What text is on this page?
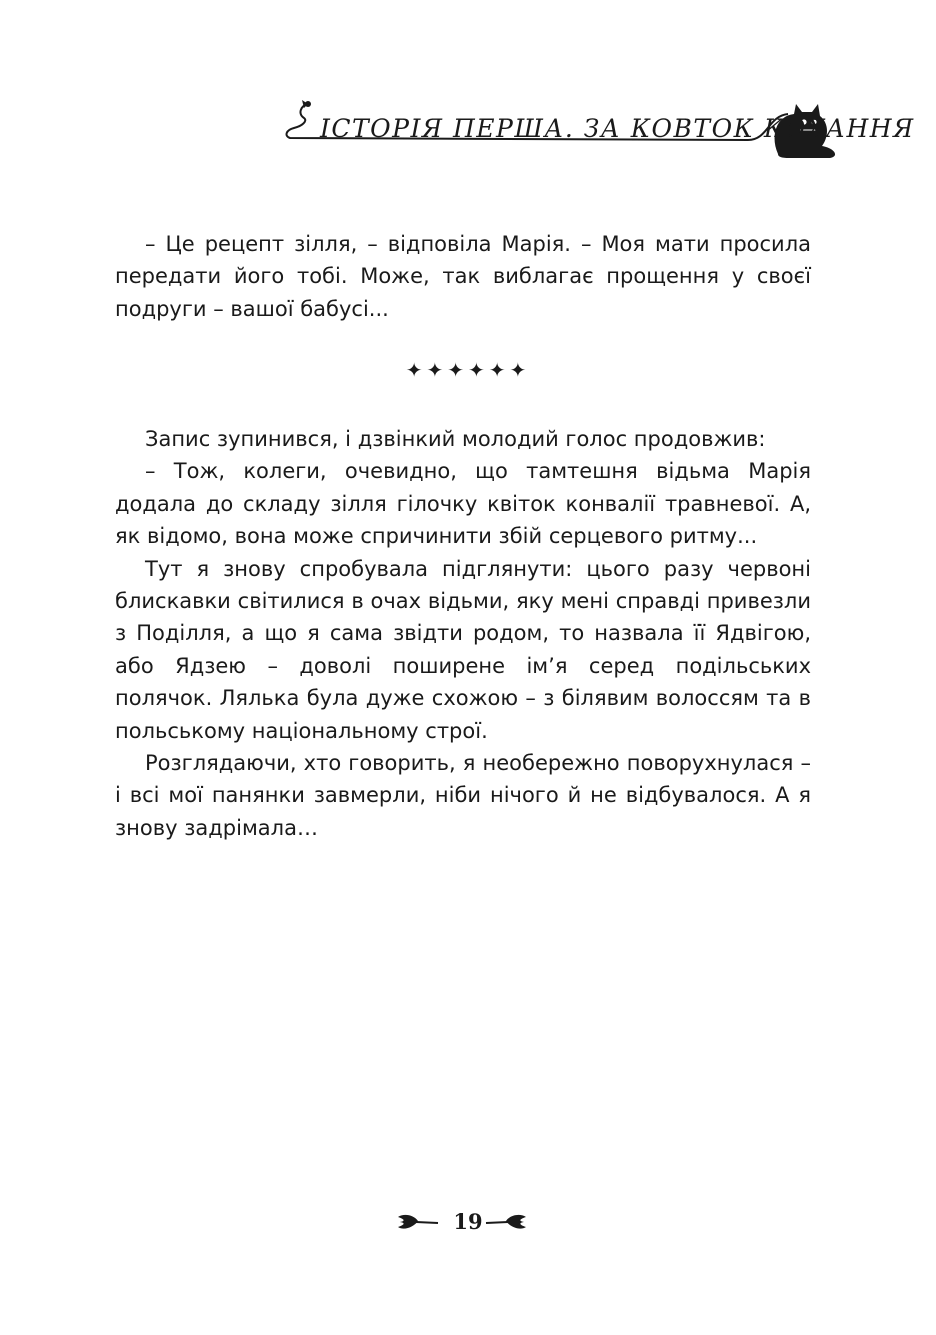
ІСТОРІЯ ПЕРША. ЗА КОВТОК КОХАННЯ

– Це рецепт зілля, – відповіла Марія. – Моя мати просила передати його тобі. Може, так виблагає прощення у своєї подруги – вашої бабусі...

✦✦✦✦✦✦

Запис зупинився, і дзвінкий молодий голос продовжив:

– Тож, колеги, очевидно, що тамтешня відьма Марія додала до складу зілля гілочку квіток конвалії травневої. А, як відомо, вона може спричинити збій серцевого ритму...

Тут я знову спробувала підглянути: цього разу червоні блискавки світилися в очах відьми, яку мені справді привезли з Поділля, а що я сама звідти родом, то назвала її Ядвігою, або Ядзею – доволі поширене ім’я серед подільських полячок. Лялька була дуже схожою – з білявим волоссям та в польському національному строї.

Розглядаючи, хто говорить, я необережно поворухнулася – і всі мої панянки завмерли, ніби нічого й не відбувалося. А я знову задрімала…

19
